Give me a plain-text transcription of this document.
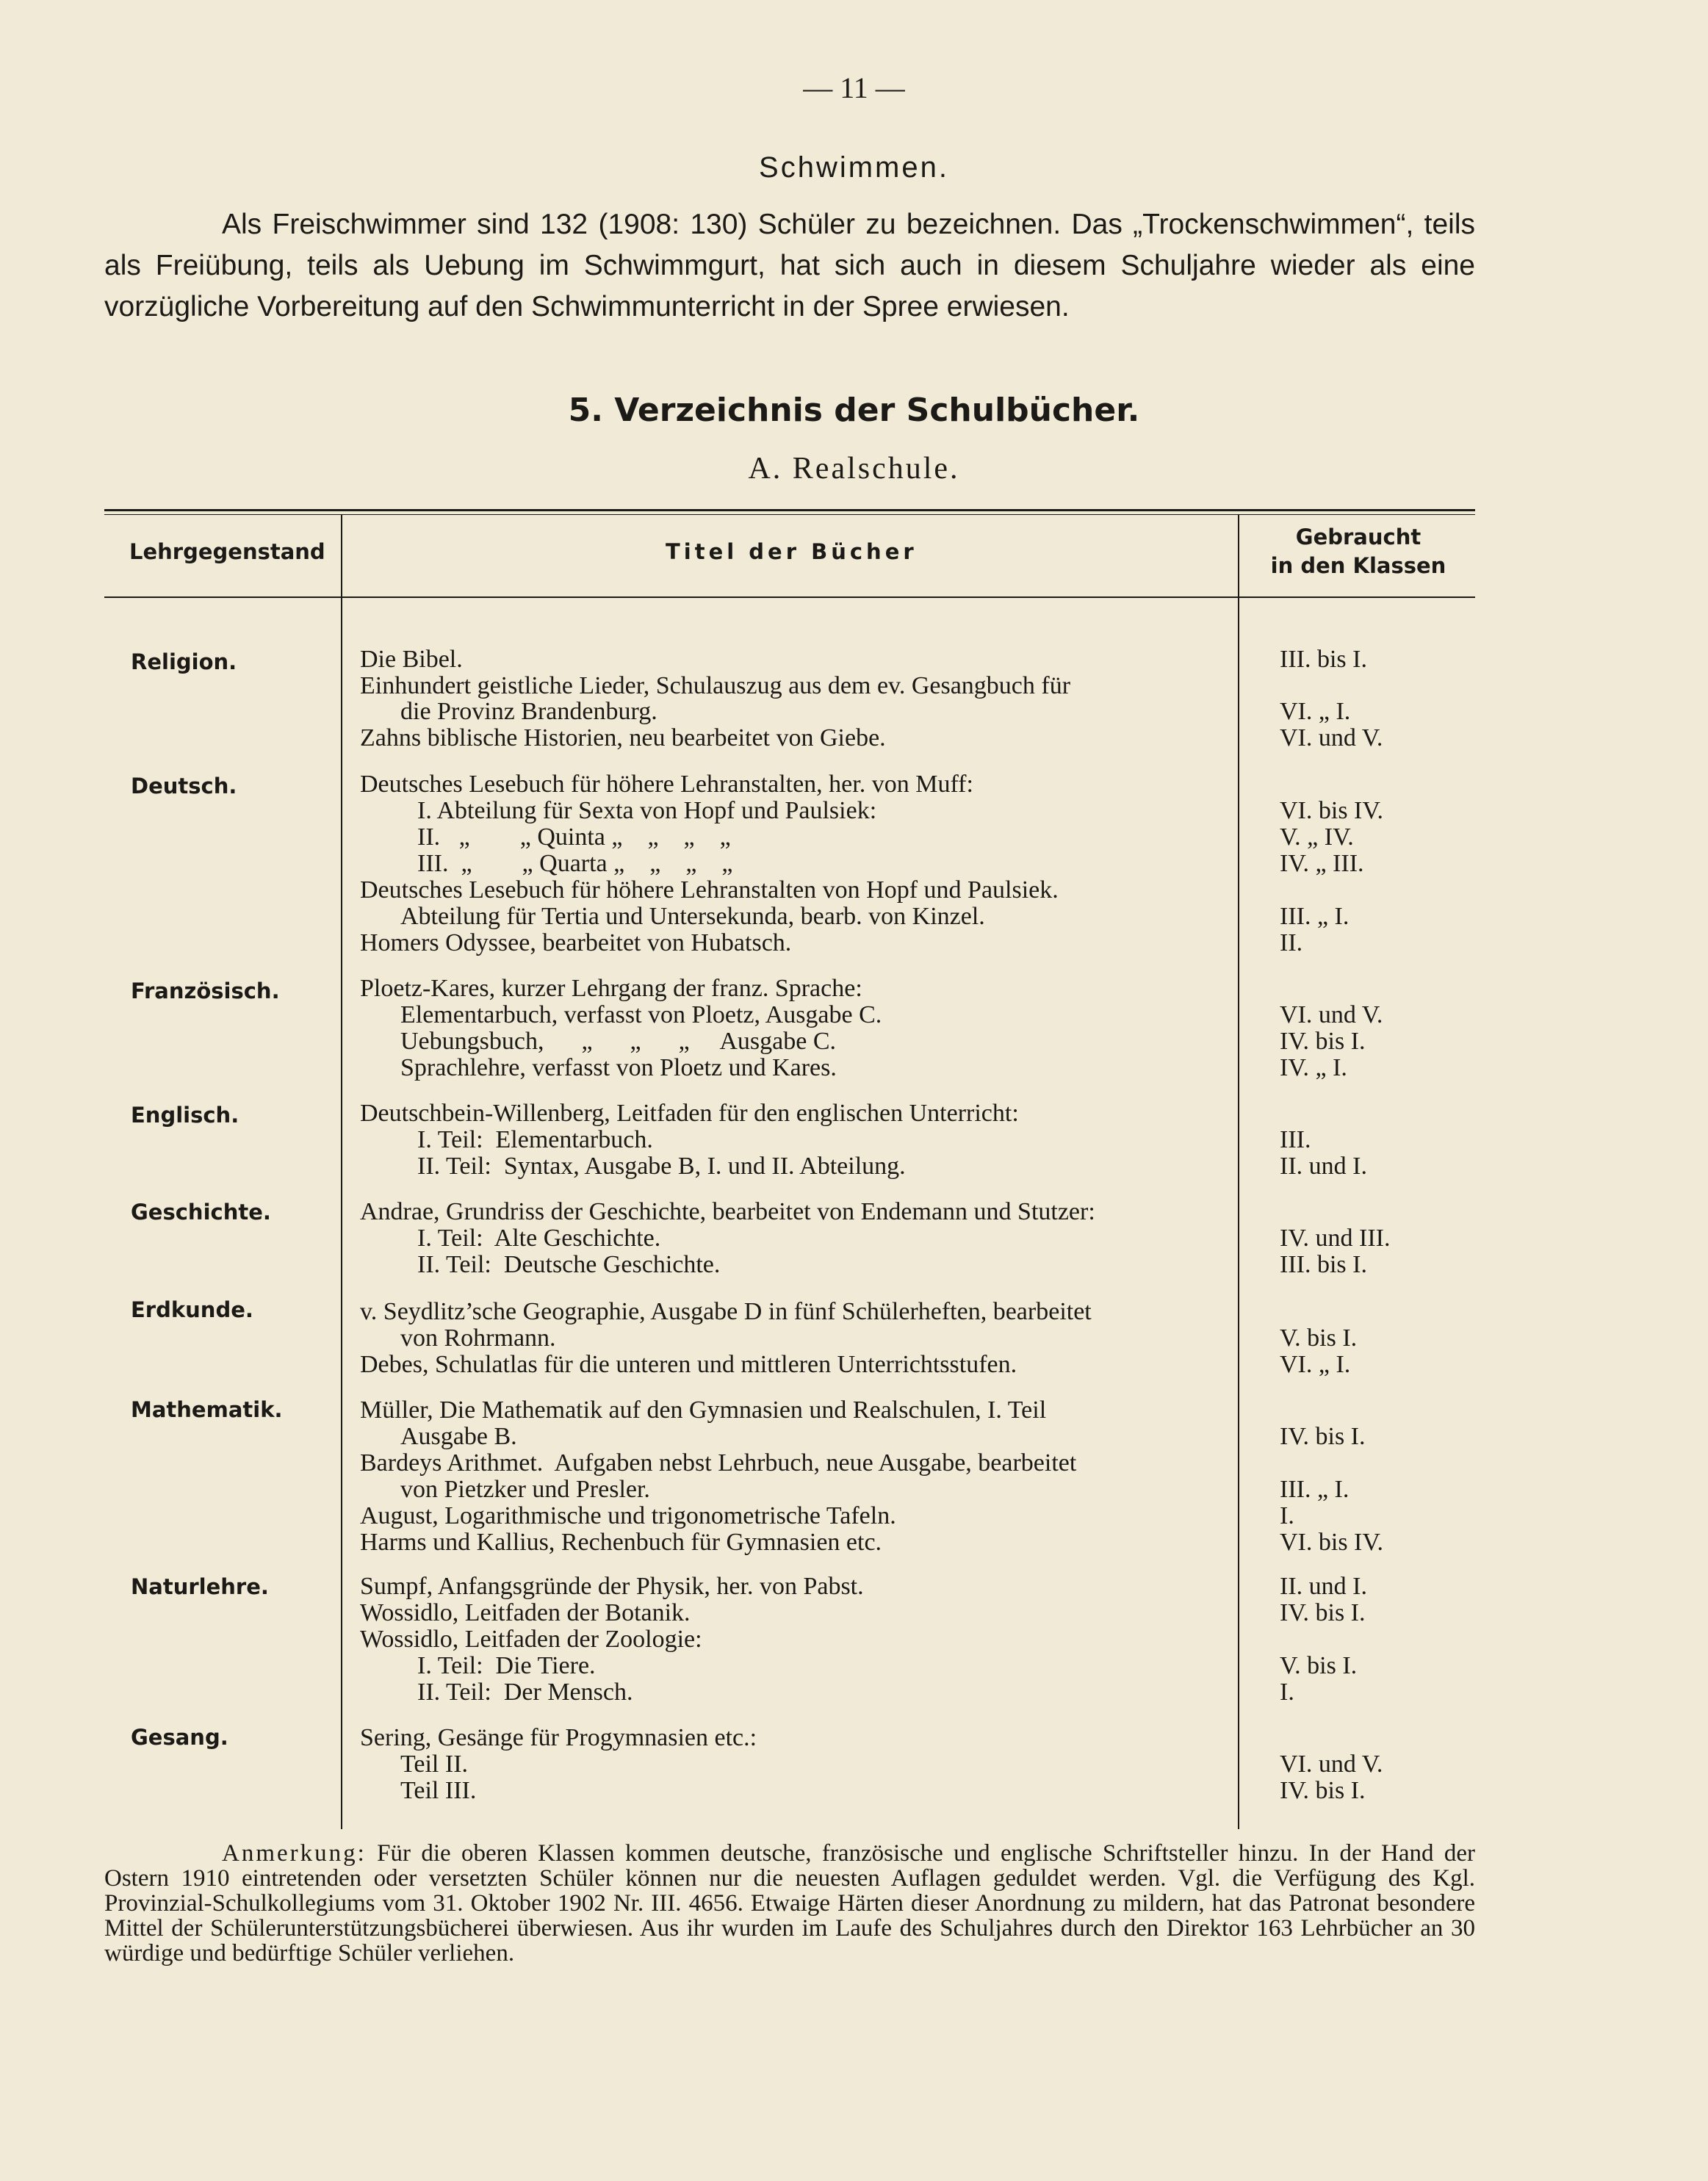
— 11 —
Schwimmen.
Als Freischwimmer sind 132 (1908: 130) Schüler zu bezeichnen. Das „Trockenschwimmen“, teils als Freiübung, teils als Uebung im Schwimmgurt, hat sich auch in diesem Schuljahre wieder als eine vorzügliche Vorbereitung auf den Schwimmunterricht in der Spree erwiesen.
5. Verzeichnis der Schulbücher.
A. Realschule.
Lehrgegenstand	Titel der Bücher
Gebraucht
in den Klassen
Religion.
Deutsch.
Französisch.
Englisch.
Geschichte.
Erdkunde.
Mathematik.
Naturlehre.
Gesang.
Die Bibel.
Einhundert geistliche Lieder, Schulauszug aus dem ev. Gesangbuch für
die Provinz Brandenburg.
Zahns biblische Historien, neu bearbeitet von Giebe.
Deutsches Lesebuch für höhere Lehranstalten, her. von Muff:
I. Abteilung für Sexta von Hopf und Paulsiek:
II.   „        „ Quinta „    „    „    „
III.  „        „ Quarta „    „    „    „
Deutsches Lesebuch für höhere Lehranstalten von Hopf und Paulsiek.
Abteilung für Tertia und Untersekunda, bearb. von Kinzel.
Homers Odyssee, bearbeitet von Hubatsch.
Ploetz-Kares, kurzer Lehrgang der franz. Sprache:
Elementarbuch, verfasst von Ploetz, Ausgabe C.
Uebungsbuch,      „      „      „     Ausgabe C.
Sprachlehre, verfasst von Ploetz und Kares.
Deutschbein-Willenberg, Leitfaden für den englischen Unterricht:
I. Teil:  Elementarbuch.
II. Teil:  Syntax, Ausgabe B, I. und II. Abteilung.
Andrae, Grundriss der Geschichte, bearbeitet von Endemann und Stutzer:
I. Teil:  Alte Geschichte.
II. Teil:  Deutsche Geschichte.
v. Seydlitz’sche Geographie, Ausgabe D in fünf Schülerheften, bearbeitet
von Rohrmann.
Debes, Schulatlas für die unteren und mittleren Unterrichtsstufen.
Müller, Die Mathematik auf den Gymnasien und Realschulen, I. Teil
Ausgabe B.
Bardeys Arithmet.  Aufgaben nebst Lehrbuch, neue Ausgabe, bearbeitet
von Pietzker und Presler.
August, Logarithmische und trigonometrische Tafeln.
Harms und Kallius, Rechenbuch für Gymnasien etc.
Sumpf, Anfangsgründe der Physik, her. von Pabst.
Wossidlo, Leitfaden der Botanik.
Wossidlo, Leitfaden der Zoologie:
I. Teil:  Die Tiere.
II. Teil:  Der Mensch.
Sering, Gesänge für Progymnasien etc.:
Teil II.
Teil III.
III. bis I.
VI. „ I.
VI. und V.
VI. bis IV.
V. „ IV.
IV. „ III.
III. „ I.
II.
VI. und V.
IV. bis I.
IV. „ I.
III.
II. und I.
IV. und III.
III. bis I.
V. bis I.
VI. „ I.
IV. bis I.
III. „ I.
I.
VI. bis IV.
II. und I.
IV. bis I.
V. bis I.
I.
VI. und V.
IV. bis I.
Anmerkung: Für die oberen Klassen kommen deutsche, französische und englische Schriftsteller hinzu. In der Hand der Ostern 1910 eintretenden oder versetzten Schüler können nur die neuesten Auflagen geduldet werden. Vgl. die Verfügung des Kgl. Provinzial-Schulkollegiums vom 31. Oktober 1902 Nr. III. 4656. Etwaige Härten dieser Anordnung zu mildern, hat das Patronat besondere Mittel der Schülerunterstützungsbücherei überwiesen. Aus ihr wurden im Laufe des Schuljahres durch den Direktor 163 Lehrbücher an 30 würdige und bedürftige Schüler verliehen.
